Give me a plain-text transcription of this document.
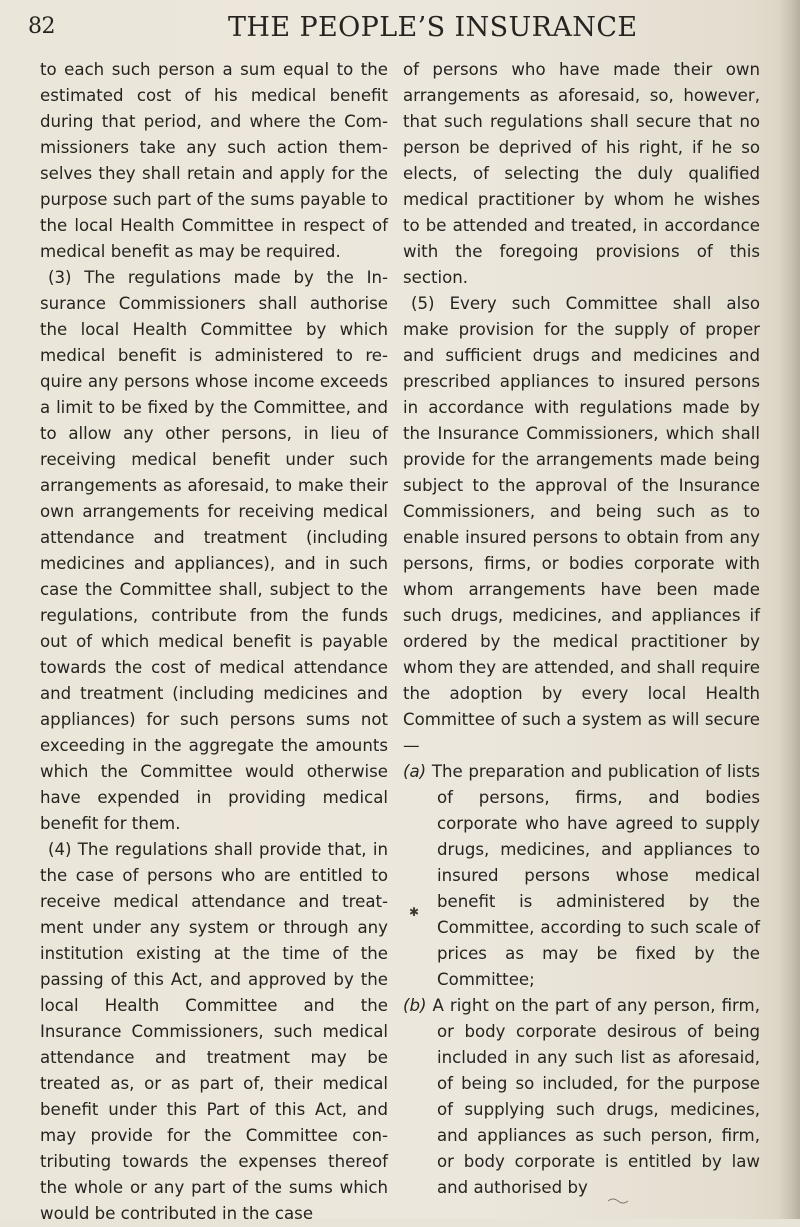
82	THE PEOPLE’S INSURANCE

to each such person a sum equal to the estimated cost of his medical benefit during that period, and where the Commissioners take any such action themselves they shall retain and apply for the purpose such part of the sums payable to the local Health Committee in respect of medical benefit as may be required.

(3) The regulations made by the Insurance Commissioners shall authorise the local Health Committee by which medical benefit is administered to require any persons whose income exceeds a limit to be fixed by the Committee, and to allow any other persons, in lieu of receiving medical benefit under such arrangements as aforesaid, to make their own arrangements for receiving medical attendance and treatment (including medicines and appliances), and in such case the Committee shall, subject to the regulations, contribute from the funds out of which medical benefit is payable towards the cost of medical attendance and treatment (including medicines and appliances) for such persons sums not exceeding in the aggregate the amounts which the Committee would otherwise have expended in providing medical benefit for them.

(4) The regulations shall provide that, in the case of persons who are entitled to receive medical attendance and treatment under any system or through any institution existing at the time of the passing of this Act, and approved by the local Health Committee and the Insurance Commissioners, such medical attendance and treatment may be treated as, or as part of, their medical benefit under this Part of this Act, and may provide for the Committee contributing towards the expenses thereof the whole or any part of the sums which would be contributed in the case

of persons who have made their own arrangements as aforesaid, so, however, that such regulations shall secure that no person be deprived of his right, if he so elects, of selecting the duly qualified medical practitioner by whom he wishes to be attended and treated, in accordance with the foregoing provisions of this section.

(5) Every such Committee shall also make provision for the supply of proper and sufficient drugs and medicines and prescribed appliances to insured persons in accordance with regulations made by the Insurance Commissioners, which shall provide for the arrangements made being subject to the approval of the Insurance Commissioners, and being such as to enable insured persons to obtain from any persons, firms, or bodies corporate with whom arrangements have been made such drugs, medicines, and appliances if ordered by the medical practitioner by whom they are attended, and shall require the adoption by every local Health Committee of such a system as will secure—

(a) The preparation and publication of lists of persons, firms, and bodies corporate who have agreed to supply drugs, medicines, and appliances to insured persons whose medical benefit is administered by the Committee, according to such scale of prices as may be fixed by the Committee;

(b) A right on the part of any person, firm, or body corporate desirous of being included in any such list as aforesaid, of being so included, for the purpose of supplying such drugs, medicines, and appliances as such person, firm, or body corporate is entitled by law and authorised by

✱
